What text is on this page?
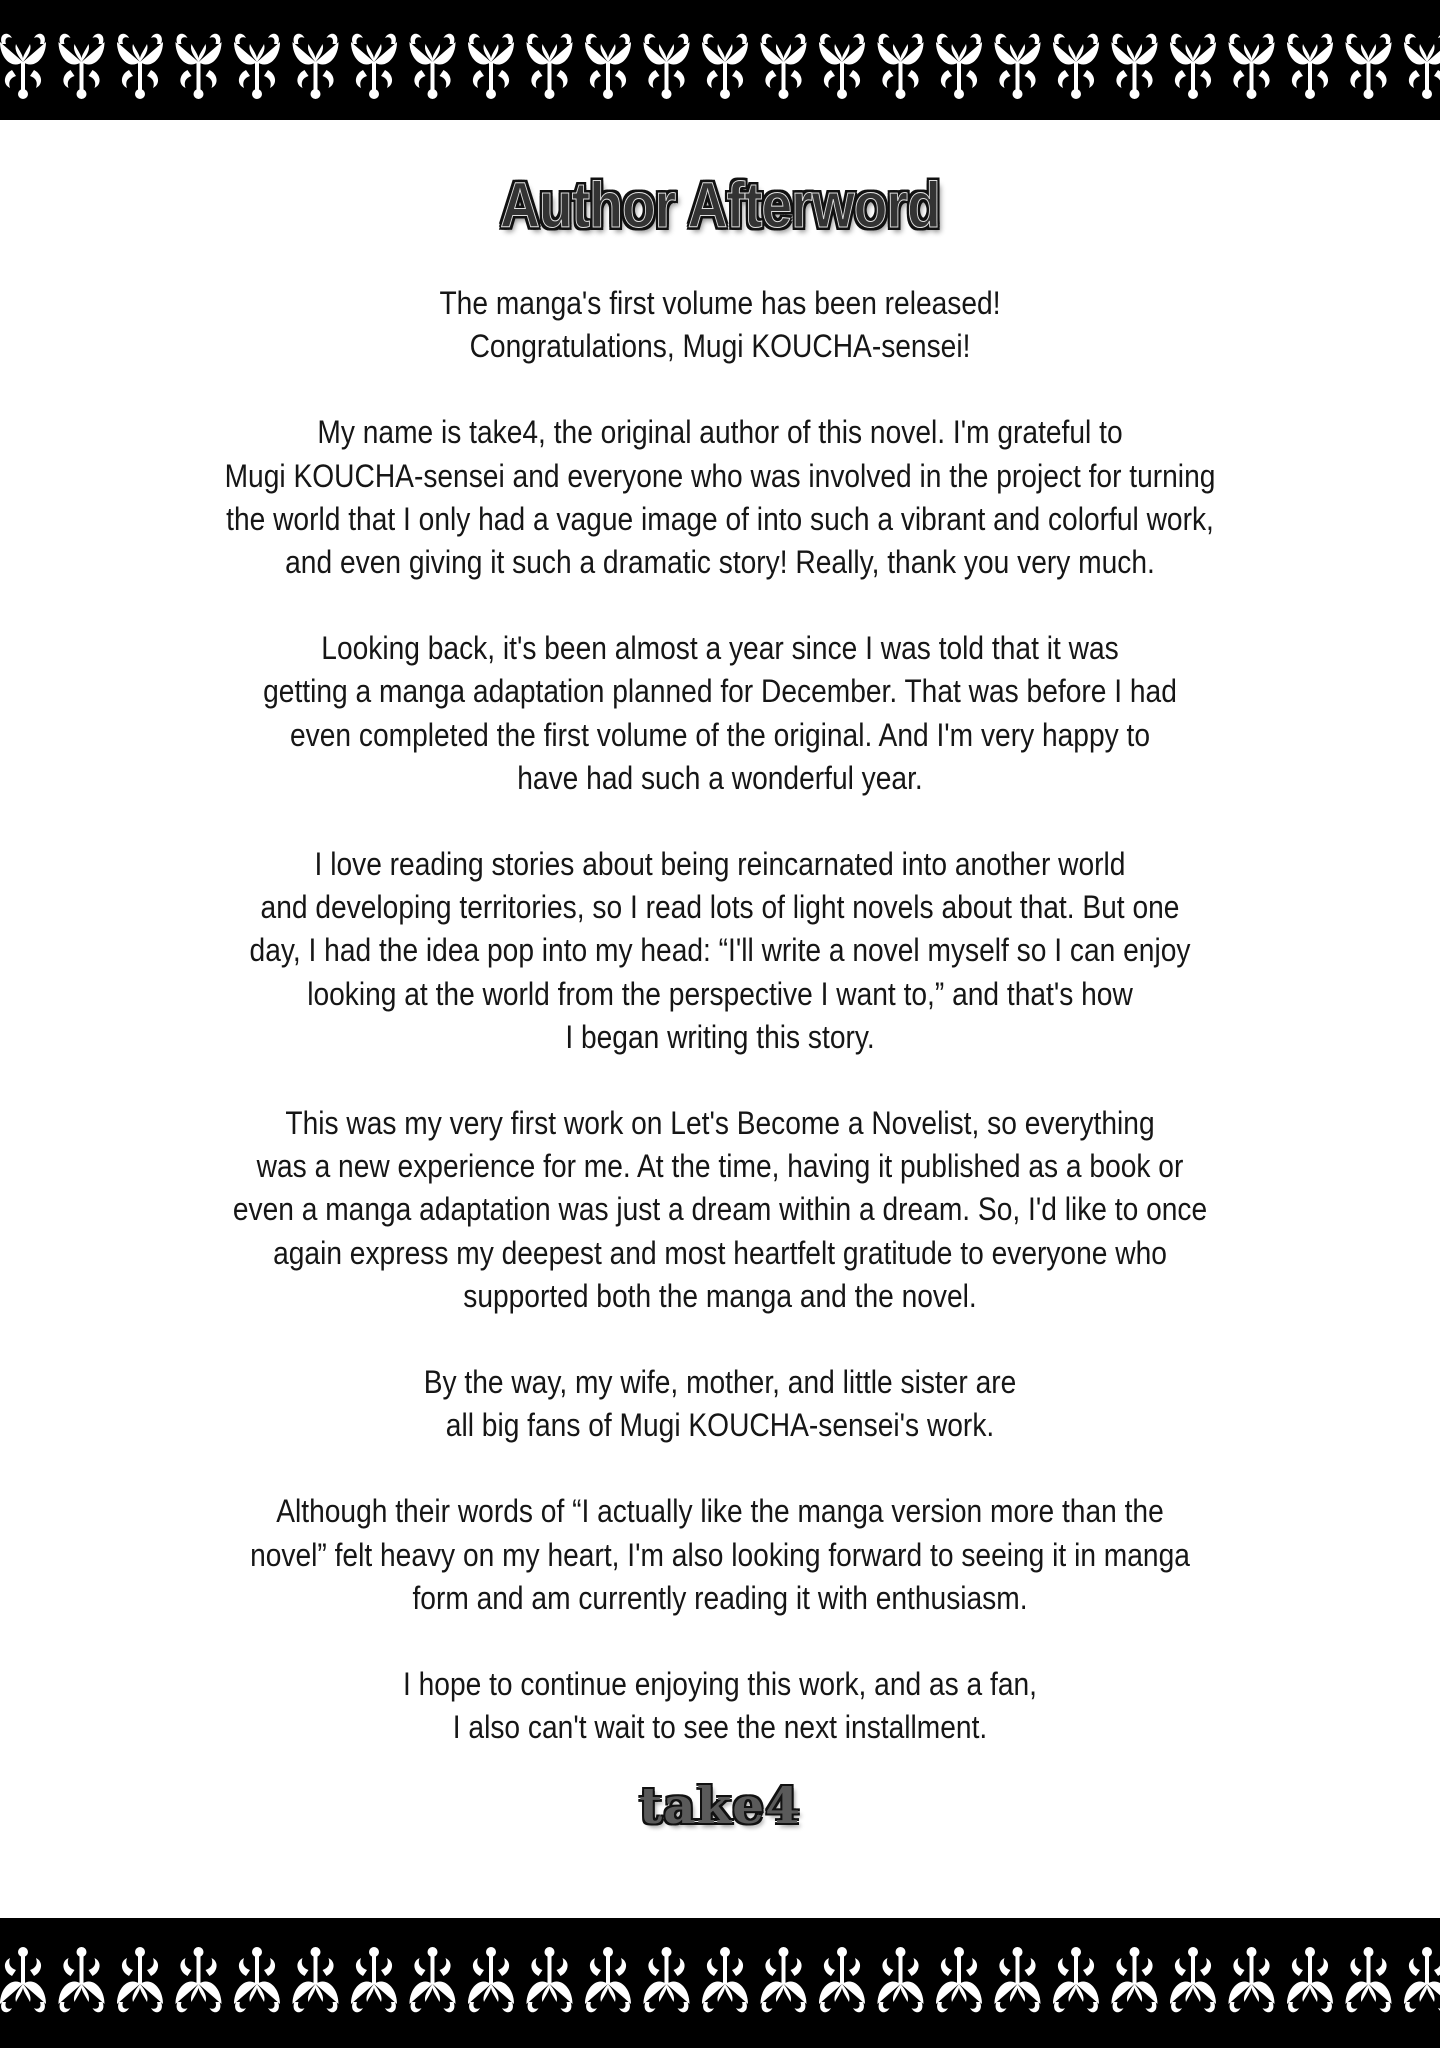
Author Afterword
The manga's first volume has been released!
Congratulations, Mugi KOUCHA-sensei!
My name is take4, the original author of this novel. I'm grateful to
Mugi KOUCHA-sensei and everyone who was involved in the project for turning
the world that I only had a vague image of into such a vibrant and colorful work,
and even giving it such a dramatic story! Really, thank you very much.
Looking back, it's been almost a year since I was told that it was
getting a manga adaptation planned for December. That was before I had
even completed the first volume of the original. And I'm very happy to
have had such a wonderful year.
I love reading stories about being reincarnated into another world
and developing territories, so I read lots of light novels about that. But one
day, I had the idea pop into my head: “I'll write a novel myself so I can enjoy
looking at the world from the perspective I want to,” and that's how
I began writing this story.
This was my very first work on Let's Become a Novelist, so everything
was a new experience for me. At the time, having it published as a book or
even a manga adaptation was just a dream within a dream. So, I'd like to once
again express my deepest and most heartfelt gratitude to everyone who
supported both the manga and the novel.
By the way, my wife, mother, and little sister are
all big fans of Mugi KOUCHA-sensei's work.
Although their words of “I actually like the manga version more than the
novel” felt heavy on my heart, I'm also looking forward to seeing it in manga
form and am currently reading it with enthusiasm.
I hope to continue enjoying this work, and as a fan,
I also can't wait to see the next installment.

take4
